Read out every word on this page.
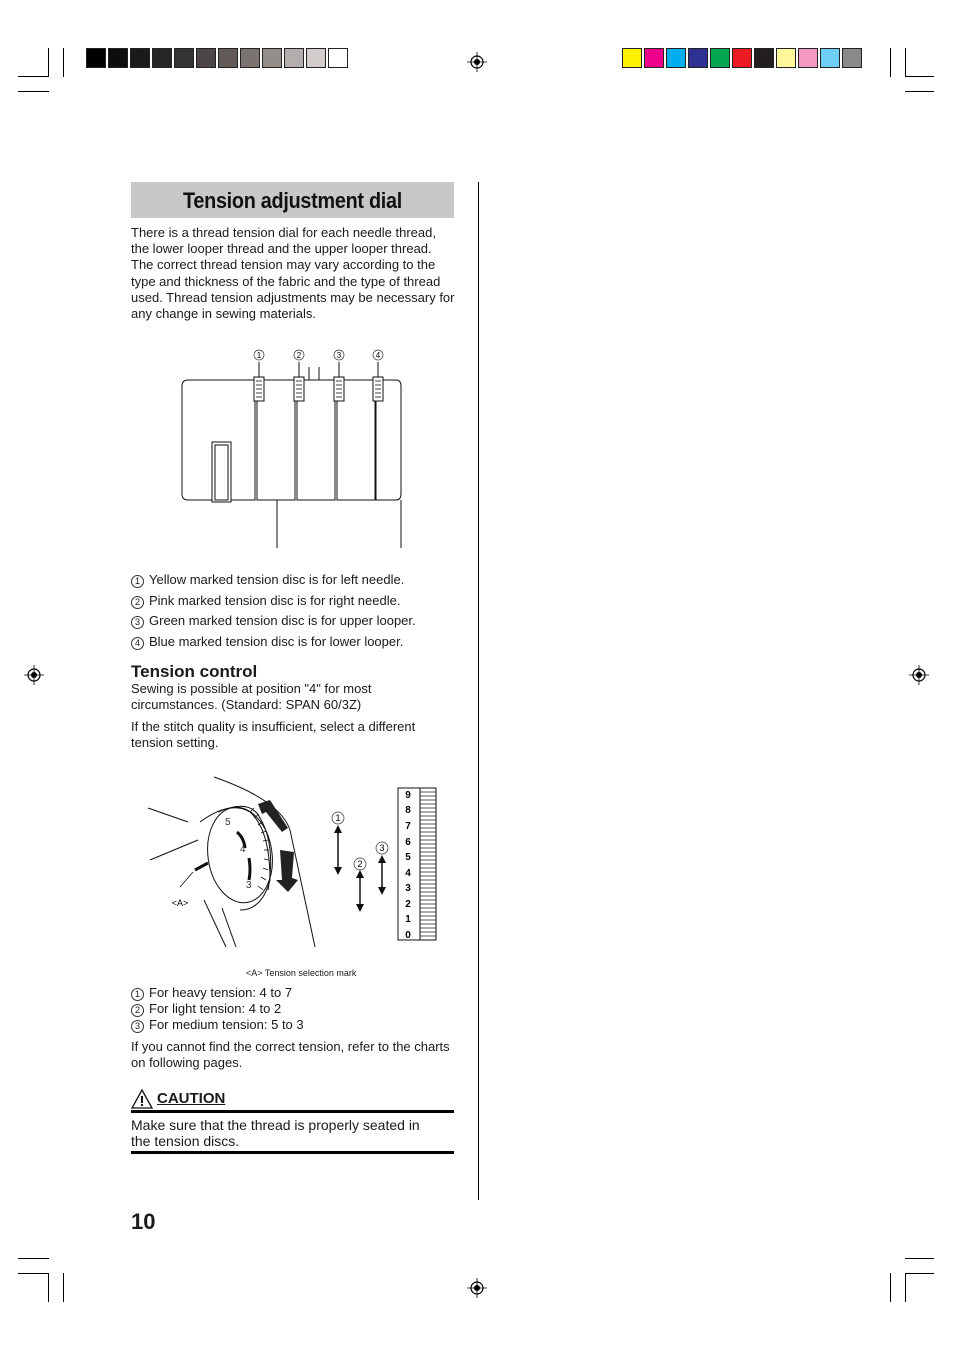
Tension adjustment dial
There is a thread tension dial for each needle thread,
the lower looper thread and the upper looper thread.
The correct thread tension may vary according to the
type and thickness of the fabric and the type of thread
used. Thread tension adjustments may be necessary for
any change in sewing materials.
1	2	3	4
1 Yellow marked tension disc is for left needle.
2 Pink marked tension disc is for right needle.
3 Green marked tension disc is for upper looper.
4 Blue marked tension disc is for lower looper.
Tension control
Sewing is possible at position "4" for most
circumstances. (Standard: SPAN 60/3Z)
If the stitch quality is insufficient, select a different
tension setting.
<A>
5
4
3
1
2
3
9
8
7
6
5
4
3
2
1
0
<A> Tension selection mark
1 For heavy tension: 4 to 7
2 For light tension: 4 to 2
3 For medium tension: 5 to 3
If you cannot find the correct tension, refer to the charts
on following pages.
CAUTION
Make sure that the thread is properly seated in
the tension discs.
10
